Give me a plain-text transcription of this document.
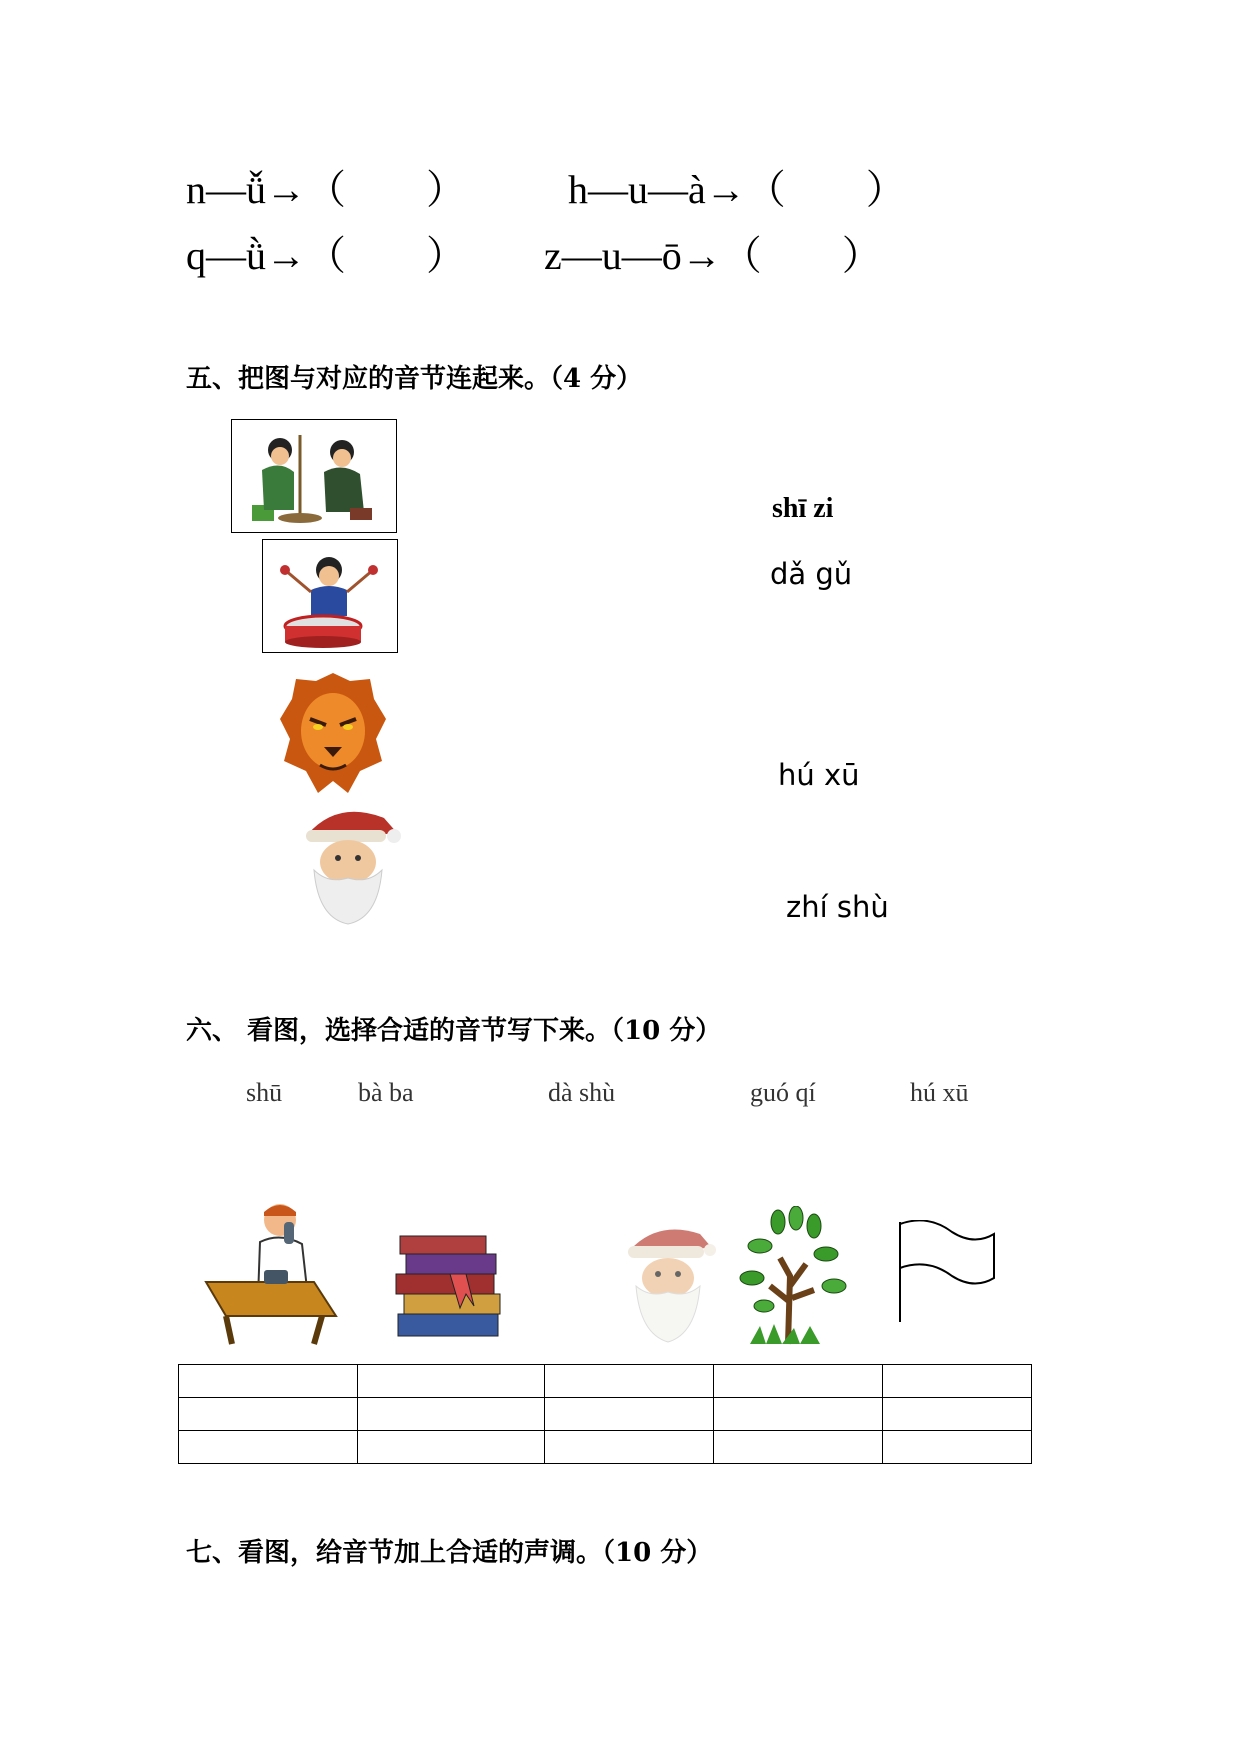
n—ǚ→（　　）	h—u—à→（　　）
q—ǜ→（　　） z—u—ō→（　　）
五、把图与对应的音节连起来。（4 分）
shī zi
dǎ gǔ
hú xū
zhí shù
六、 看图，选择合适的音节写下来。（10 分）
shū	bà ba	dà shù	guó qí	hú xū

七、看图，给音节加上合适的声调。（10 分）
